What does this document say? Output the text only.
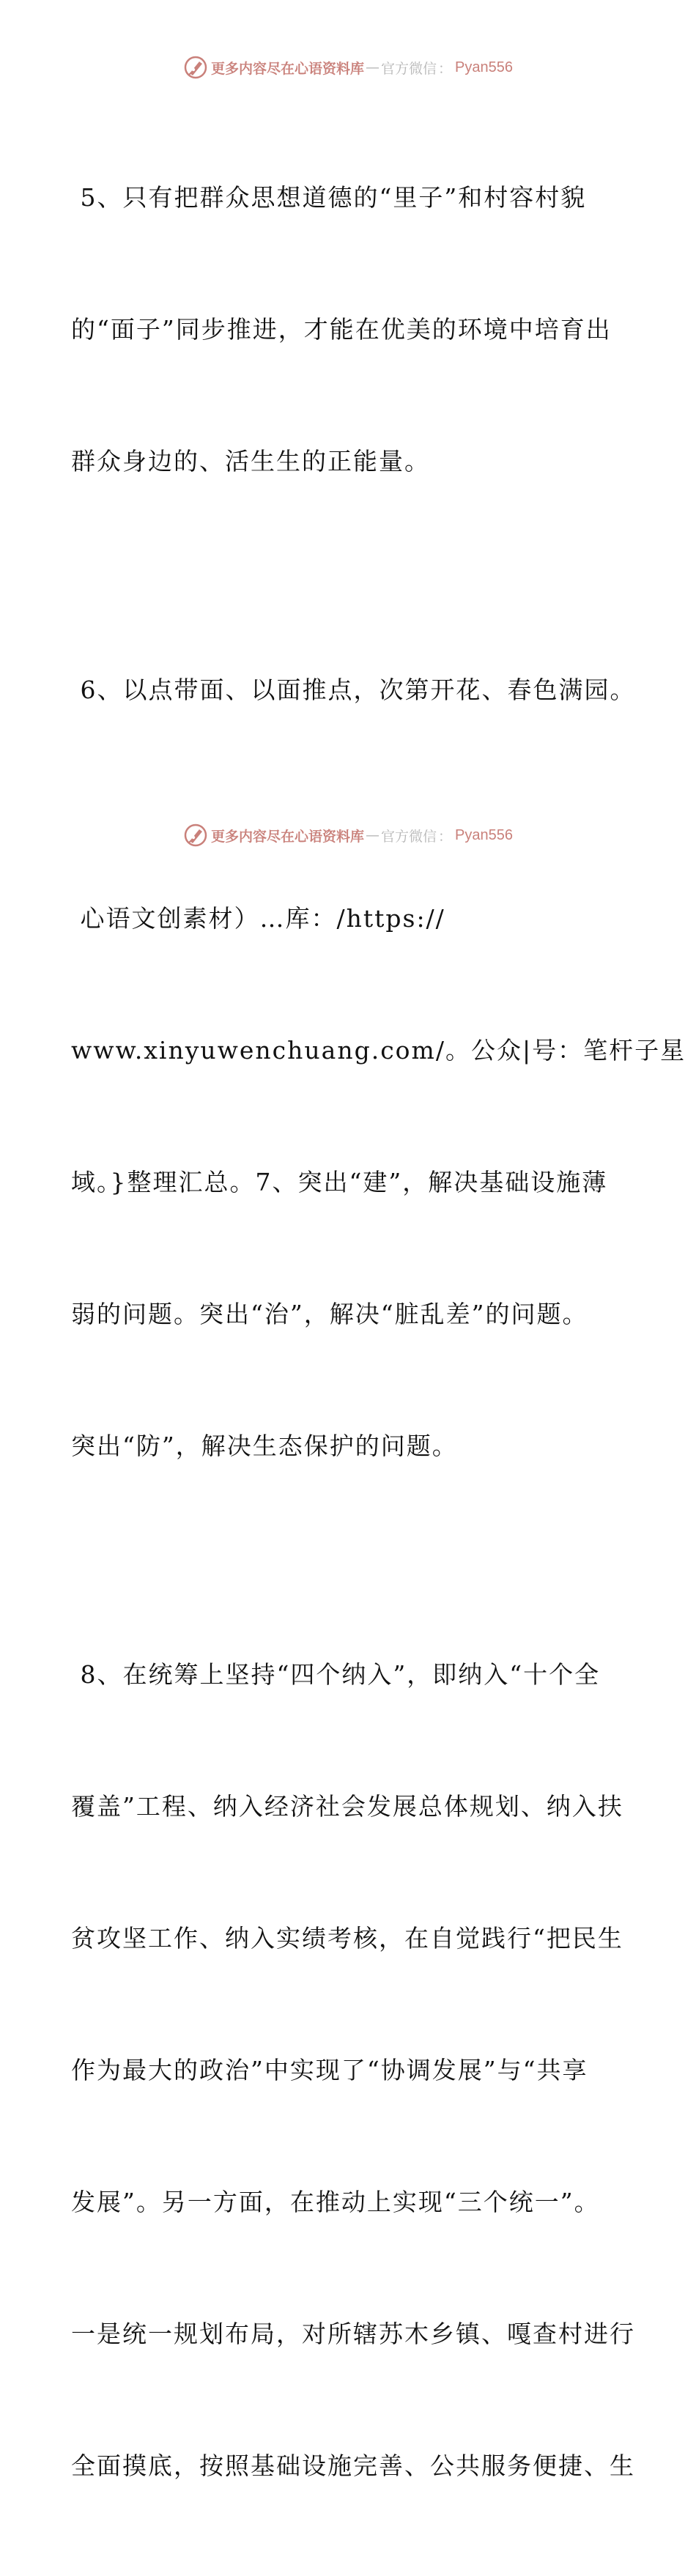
更多内容尽在心语资料库 — 官方微信 ： Pyan556

5、只有把群众思想道德的“里子”和村容村貌

的“面子”同步推进，才能在优美的环境中培育出

群众身边的、活生生的正能量。

6、以点带面、以面推点，次第开花、春色满园。

心语文创素材）…库：/https://

www.xinyuwenchuang.com/。公众|号：笔杆子星

域。}整理汇总。7、突出“建”，解决基础设施薄

弱的问题。突出“治”，解决“脏乱差”的问题。

突出“防”，解决生态保护的问题。

8、在统筹上坚持“四个纳入”，即纳入“十个全

覆盖”工程、纳入经济社会发展总体规划、纳入扶

贫攻坚工作、纳入实绩考核，在自觉践行“把民生

作为最大的政治”中实现了“协调发展”与“共享

发展”。另一方面，在推动上实现“三个统一”。

一是统一规划布局，对所辖苏木乡镇、嘎查村进行

全面摸底，按照基础设施完善、公共服务便捷、生

更多内容尽在心语资料库 — 官方微信 ： Pyan556
